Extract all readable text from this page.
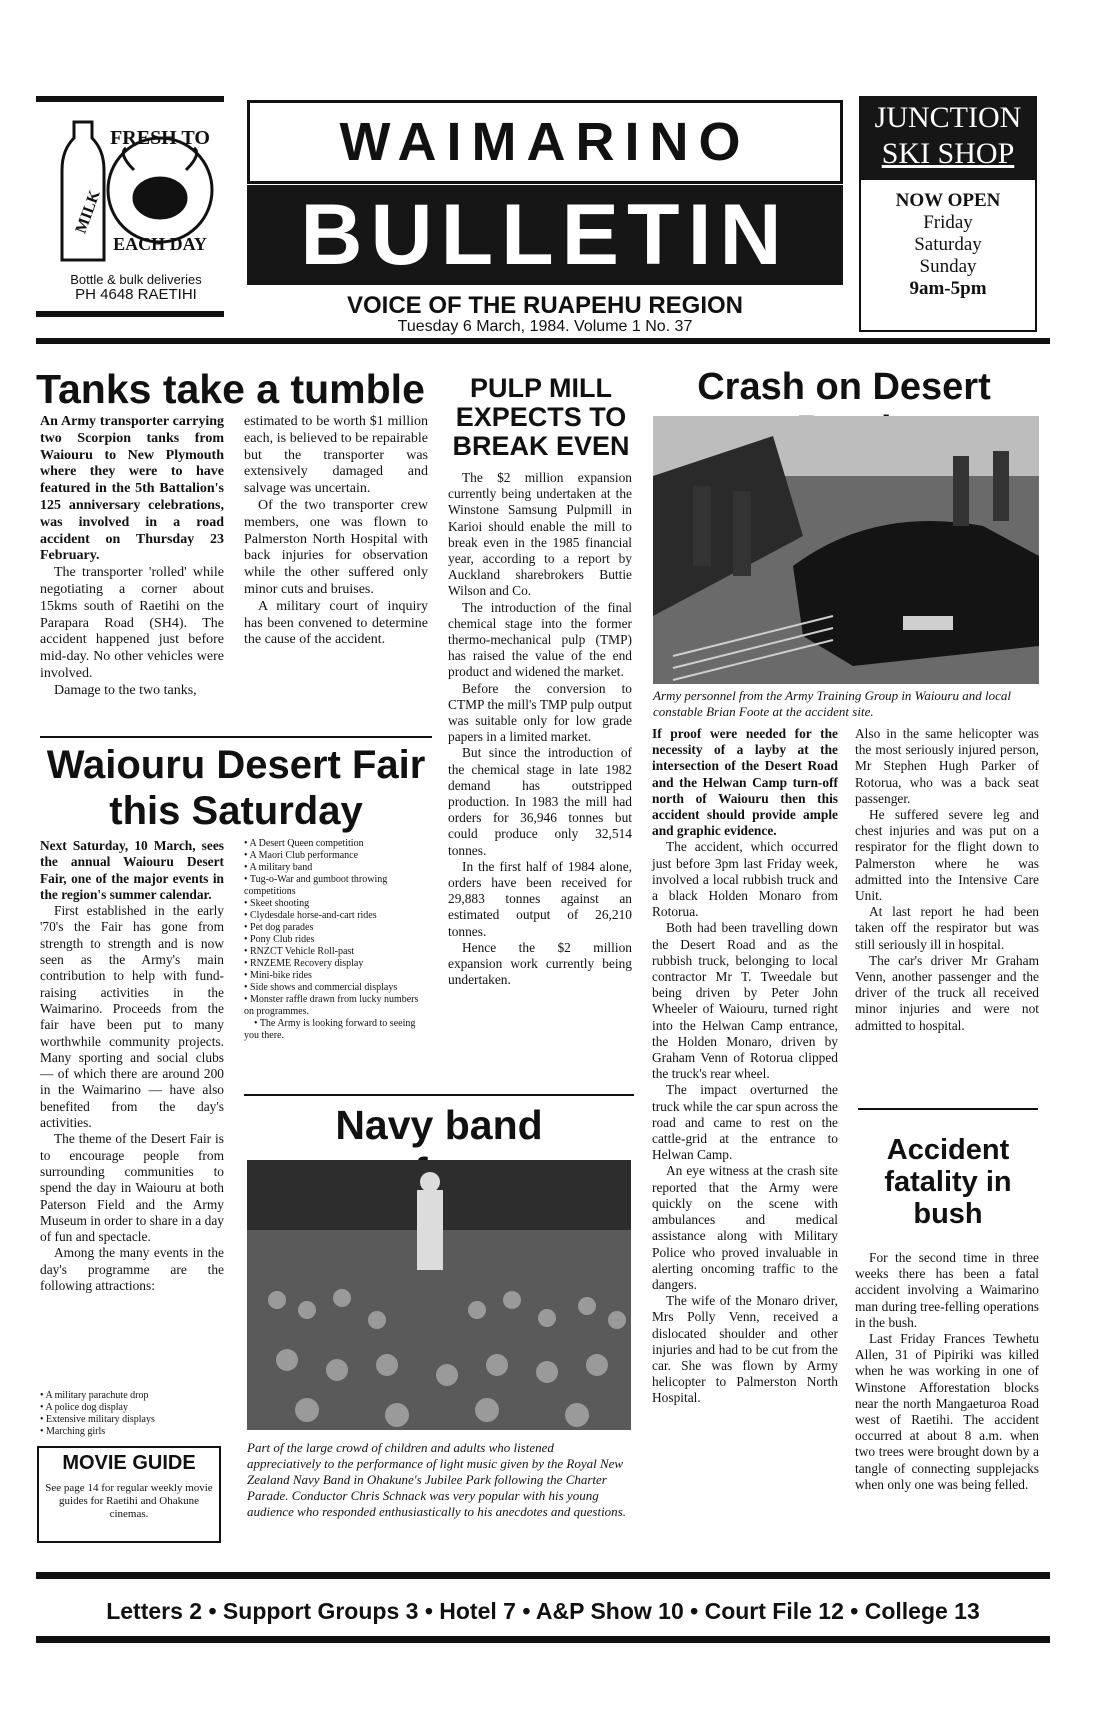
FRESH TO
EACH DAY
MILK
Bottle & bulk deliveries
PH 4648 RAETIHI
WAIMARINO
BULLETIN
VOICE OF THE RUAPEHU REGION
Tuesday 6 March, 1984. Volume 1 No. 37
JUNCTION
SKI SHOP
NOW OPEN
Friday
Saturday
Sunday
9am-5pm
Tanks take a tumble

An Army transporter carrying two Scorpion tanks from Waiouru to New Plymouth where they were to have featured in the 5th Battalion's 125 anniversary celebrations, was involved in a road accident on Thursday 23 February.

The transporter 'rolled' while negotiating a corner about 15kms south of Raetihi on the Parapara Road (SH4). The accident happened just before mid-day. No other vehicles were involved.

Damage to the two tanks,

estimated to be worth $1 million each, is believed to be repairable but the transporter was extensively damaged and salvage was uncertain.

Of the two transporter crew members, one was flown to Palmerston North Hospital with back injuries for observation while the other suffered only minor cuts and bruises.

A military court of inquiry has been convened to determine the cause of the accident.

Waiouru Desert Fair this Saturday

Next Saturday, 10 March, sees the annual Waiouru Desert Fair, one of the major events in the region's summer calendar.

First established in the early '70's the Fair has gone from strength to strength and is now seen as the Army's main contribution to help with fund-raising activities in the Waimarino. Proceeds from the fair have been put to many worthwhile community projects. Many sporting and social clubs — of which there are around 200 in the Waimarino — have also benefited from the day's activities.

The theme of the Desert Fair is to encourage people from surrounding communities to spend the day in Waiouru at both Paterson Field and the Army Museum in order to share in a day of fun and spectacle.

Among the many events in the day's programme are the following attractions:

• A military parachute drop
• A police dog display
• Extensive military displays
• Marching girls
• A Desert Queen competition
• A Maori Club performance
• A military band
• Tug-o-War and gumboot throwing competitions
• Skeet shooting
• Clydesdale horse-and-cart rides
• Pet dog parades
• Pony Club rides
• RNZCT Vehicle Roll-past
• RNZEME Recovery display
• Mini-bike rides
• Side shows and commercial displays
• Monster raffle drawn from lucky numbers on programmes.
• The Army is looking forward to seeing you there.
MOVIE GUIDE
See page 14 for regular weekly movie guides for Raetihi and Ohakune cinemas.
PULP MILL EXPECTS TO BREAK EVEN

The $2 million expansion currently being undertaken at the Winstone Samsung Pulpmill in Karioi should enable the mill to break even in the 1985 financial year, according to a report by Auckland sharebrokers Buttie Wilson and Co.

The introduction of the final chemical stage into the former thermo-mechanical pulp (TMP) has raised the value of the end product and widened the market.

Before the conversion to CTMP the mill's TMP pulp output was suitable only for low grade papers in a limited market.

But since the introduction of the chemical stage in late 1982 demand has outstripped production. In 1983 the mill had orders for 36,946 tonnes but could produce only 32,514 tonnes.

In the first half of 1984 alone, orders have been received for 29,883 tonnes against an estimated output of 26,210 tonnes.

Hence the $2 million expansion work currently being undertaken.

Navy band
Part of the large crowd of children and adults who listened appreciatively to the performance of light music given by the Royal New Zealand Navy Band in Ohakune's Jubilee Park following the Charter Parade. Conductor Chris Schnack was very popular with his young audience who responded enthusiastically to his anecdotes and questions.
Crash on Desert
Army personnel from the Army Training Group in Waiouru and local constable Brian Foote at the accident site.

If proof were needed for the necessity of a layby at the intersection of the Desert Road and the Helwan Camp turn-off north of Waiouru then this accident should provide ample and graphic evidence.

The accident, which occurred just before 3pm last Friday week, involved a local rubbish truck and a black Holden Monaro from Rotorua.

Both had been travelling down the Desert Road and as the rubbish truck, belonging to local contractor Mr T. Tweedale but being driven by Peter John Wheeler of Waiouru, turned right into the Helwan Camp entrance, the Holden Monaro, driven by Graham Venn of Rotorua clipped the truck's rear wheel.

The impact overturned the truck while the car spun across the road and came to rest on the cattle-grid at the entrance to Helwan Camp.

An eye witness at the crash site reported that the Army were quickly on the scene with ambulances and medical assistance along with Military Police who proved invaluable in alerting oncoming traffic to the dangers.

The wife of the Monaro driver, Mrs Polly Venn, received a dislocated shoulder and other injuries and had to be cut from the car. She was flown by Army helicopter to Palmerston North Hospital.

Also in the same helicopter was the most seriously injured person, Mr Stephen Hugh Parker of Rotorua, who was a back seat passenger.

He suffered severe leg and chest injuries and was put on a respirator for the flight down to Palmerston where he was admitted into the Intensive Care Unit.

At last report he had been taken off the respirator but was still seriously ill in hospital.

The car's driver Mr Graham Venn, another passenger and the driver of the truck all received minor injuries and were not admitted to hospital.

Accident fatality in bush

For the second time in three weeks there has been a fatal accident involving a Waimarino man during tree-felling operations in the bush.

Last Friday Frances Tewhetu Allen, 31 of Pipiriki was killed when he was working in one of Winstone Afforestation blocks near the north Mangaeturoa Road west of Raetihi. The accident occurred at about 8 a.m. when two trees were brought down by a tangle of connecting supplejacks when only one was being felled.

Letters 2 • Support Groups 3 • Hotel 7 • A&P Show 10 • Court File 12 • College 13
